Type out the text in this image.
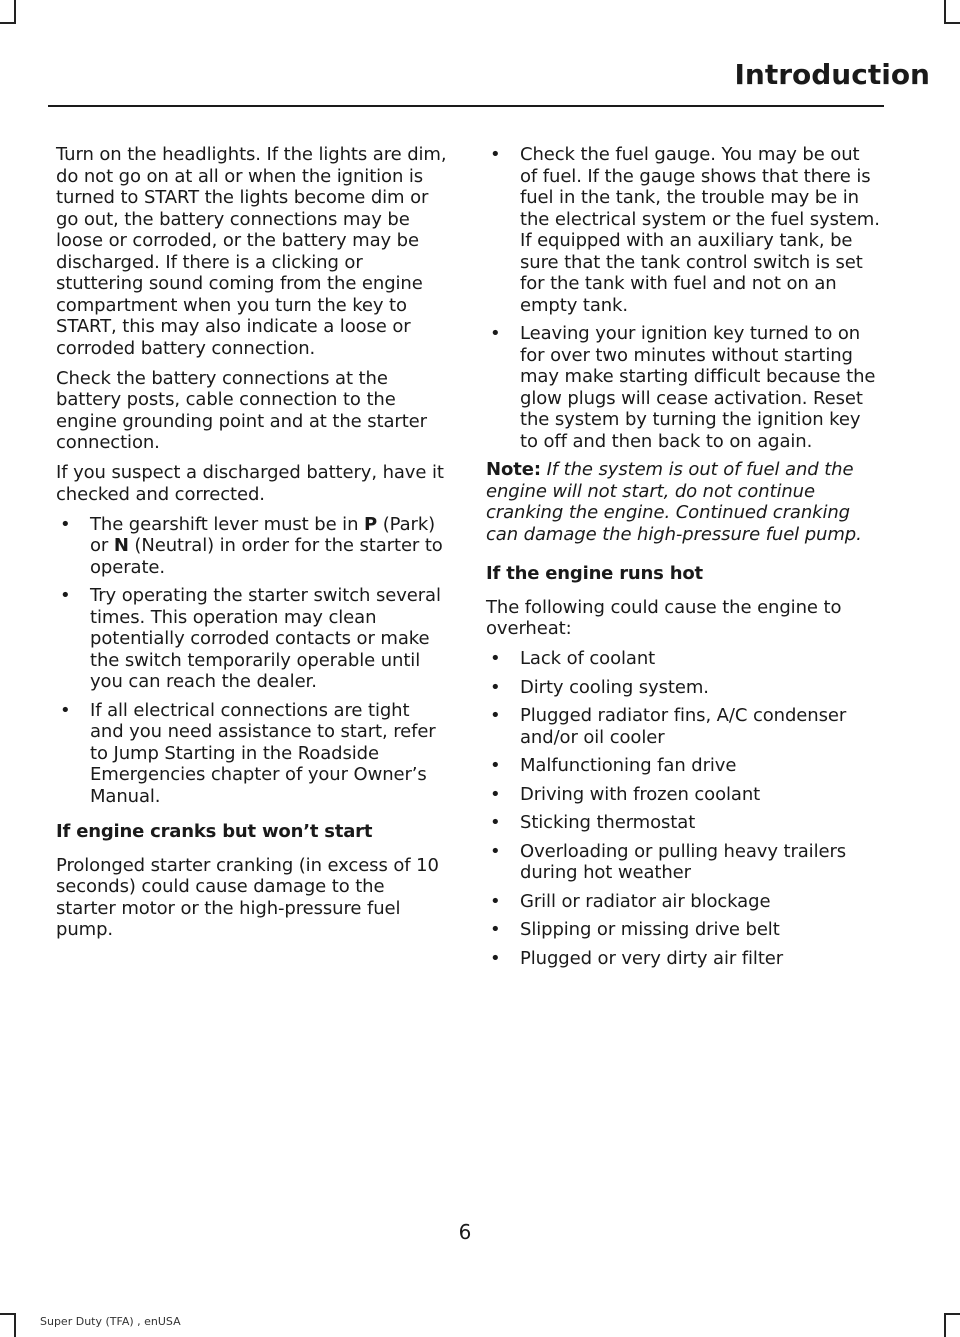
Introduction

Turn on the headlights. If the lights are dim, do not go on at all or when the ignition is turned to START the lights become dim or go out, the battery connections may be loose or corroded, or the battery may be discharged. If there is a clicking or stuttering sound coming from the engine compartment when you turn the key to START, this may also indicate a loose or corroded battery connection.

Check the battery connections at the battery posts, cable connection to the engine grounding point and at the starter connection.

If you suspect a discharged battery, have it checked and corrected.

• The gearshift lever must be in P (Park) or N (Neutral) in order for the starter to operate.
• Try operating the starter switch several times. This operation may clean potentially corroded contacts or make the switch temporarily operable until you can reach the dealer.
• If all electrical connections are tight and you need assistance to start, refer to Jump Starting in the Roadside Emergencies chapter of your Owner’s Manual.
If engine cranks but won’t start

Prolonged starter cranking (in excess of 10 seconds) could cause damage to the starter motor or the high-pressure fuel pump.

• Check the fuel gauge. You may be out of fuel. If the gauge shows that there is fuel in the tank, the trouble may be in the electrical system or the fuel system. If equipped with an auxiliary tank, be sure that the tank control switch is set for the tank with fuel and not on an empty tank.
• Leaving your ignition key turned to on for over two minutes without starting may make starting difficult because the glow plugs will cease activation. Reset the system by turning the ignition key to off and then back to on again.

Note: If the system is out of fuel and the engine will not start, do not continue cranking the engine. Continued cranking can damage the high-pressure fuel pump.

If the engine runs hot

The following could cause the engine to overheat:

• Lack of coolant
• Dirty cooling system.
• Plugged radiator fins, A/C condenser and/or oil cooler
• Malfunctioning fan drive
• Driving with frozen coolant
• Sticking thermostat
• Overloading or pulling heavy trailers during hot weather
• Grill or radiator air blockage
• Slipping or missing drive belt
• Plugged or very dirty air filter
6
Super Duty (TFA) , enUSA
